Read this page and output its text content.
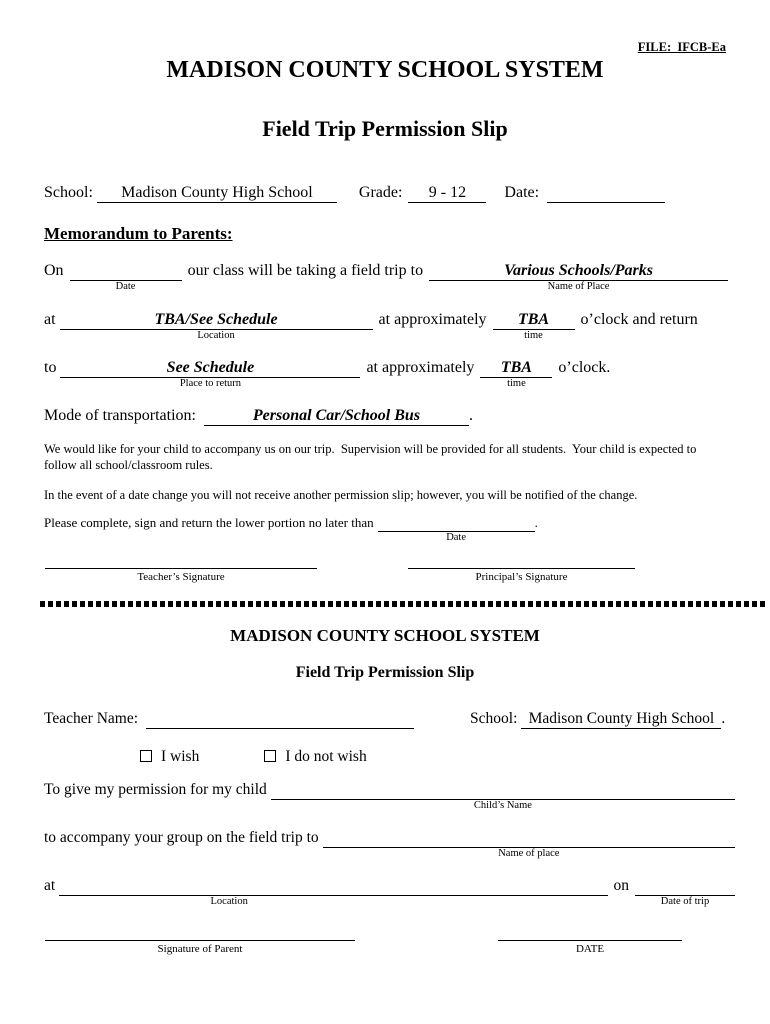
FILE:  IFCB-Ea
MADISON COUNTY SCHOOL SYSTEM
Field Trip Permission Slip
School:	Madison County High School	Grade:	9 - 12	Date:

Memorandum to Parents:
On

Date
our class will be taking a field trip to	Various Schools/Parks
Name of Place
at	TBA/See Schedule
Location
at approximately	TBA
time
o’clock and return
to	See Schedule
Place to return
at approximately	TBA
time
o’clock.
Mode of transportation:	Personal Car/School Bus	.
We would like for your child to accompany us on our trip.  Supervision will be provided for all students.  Your child is expected to follow all school/classroom rules.
In the event of a date change you will not receive another permission slip; however, you will be notified of the change.
Please complete, sign and return the lower portion no later than

Date
.
Teacher’s Signature	Principal’s Signature
MADISON COUNTY SCHOOL SYSTEM
Field Trip Permission Slip
Teacher Name:
	School: Madison County High School .
I wish	I do not wish
To give my permission for my child

Child’s Name
to accompany your group on the field trip to

Name of place
at

Location
on

Date of trip
Signature of Parent	DATE
